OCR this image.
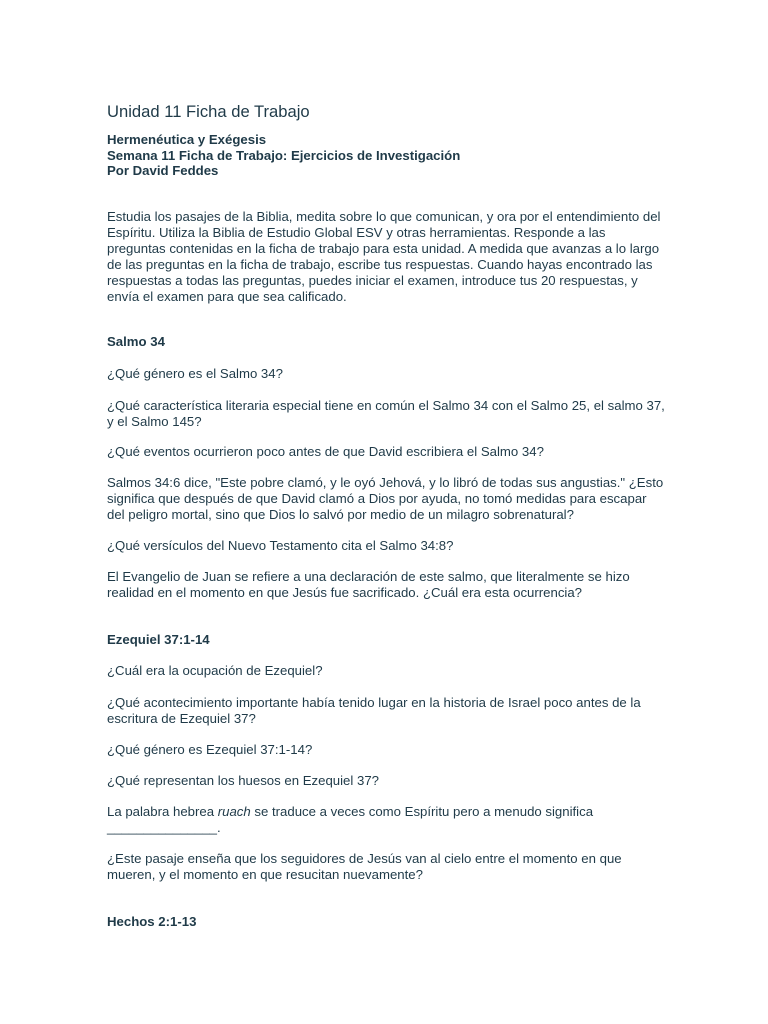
Unidad 11 Ficha de Trabajo
Hermenéutica y Exégesis
Semana 11 Ficha de Trabajo: Ejercicios de Investigación
Por David Feddes
Estudia los pasajes de la Biblia, medita sobre lo que comunican, y ora por el entendimiento del Espíritu. Utiliza la Biblia de Estudio Global ESV y otras herramientas. Responde a las preguntas contenidas en la ficha de trabajo para esta unidad. A medida que avanzas a lo largo de las preguntas en la ficha de trabajo, escribe tus respuestas. Cuando hayas encontrado las respuestas a todas las preguntas, puedes iniciar el examen, introduce tus 20 respuestas, y envía el examen para que sea calificado.
Salmo 34
¿Qué género es el Salmo 34?
¿Qué característica literaria especial tiene en común el Salmo 34 con el Salmo 25, el salmo 37, y el Salmo 145?
¿Qué eventos ocurrieron poco antes de que David escribiera el Salmo 34?
Salmos 34:6 dice, "Este pobre clamó, y le oyó Jehová, y lo libró de todas sus angustias." ¿Esto significa que después de que David clamó a Dios por ayuda, no tomó medidas para escapar del peligro mortal, sino que Dios lo salvó por medio de un milagro sobrenatural?
¿Qué versículos del Nuevo Testamento cita el Salmo 34:8?
El Evangelio de Juan se refiere a una declaración de este salmo, que literalmente se hizo realidad en el momento en que Jesús fue sacrificado. ¿Cuál era esta ocurrencia?
Ezequiel 37:1-14
¿Cuál era la ocupación de Ezequiel?
¿Qué acontecimiento importante había tenido lugar en la historia de Israel poco antes de la escritura de Ezequiel 37?
¿Qué género es Ezequiel 37:1-14?
¿Qué representan los huesos en Ezequiel 37?
La palabra hebrea ruach se traduce a veces como Espíritu pero a menudo significa _______________.
¿Este pasaje enseña que los seguidores de Jesús van al cielo entre el momento en que mueren, y el momento en que resucitan nuevamente?
Hechos 2:1-13
